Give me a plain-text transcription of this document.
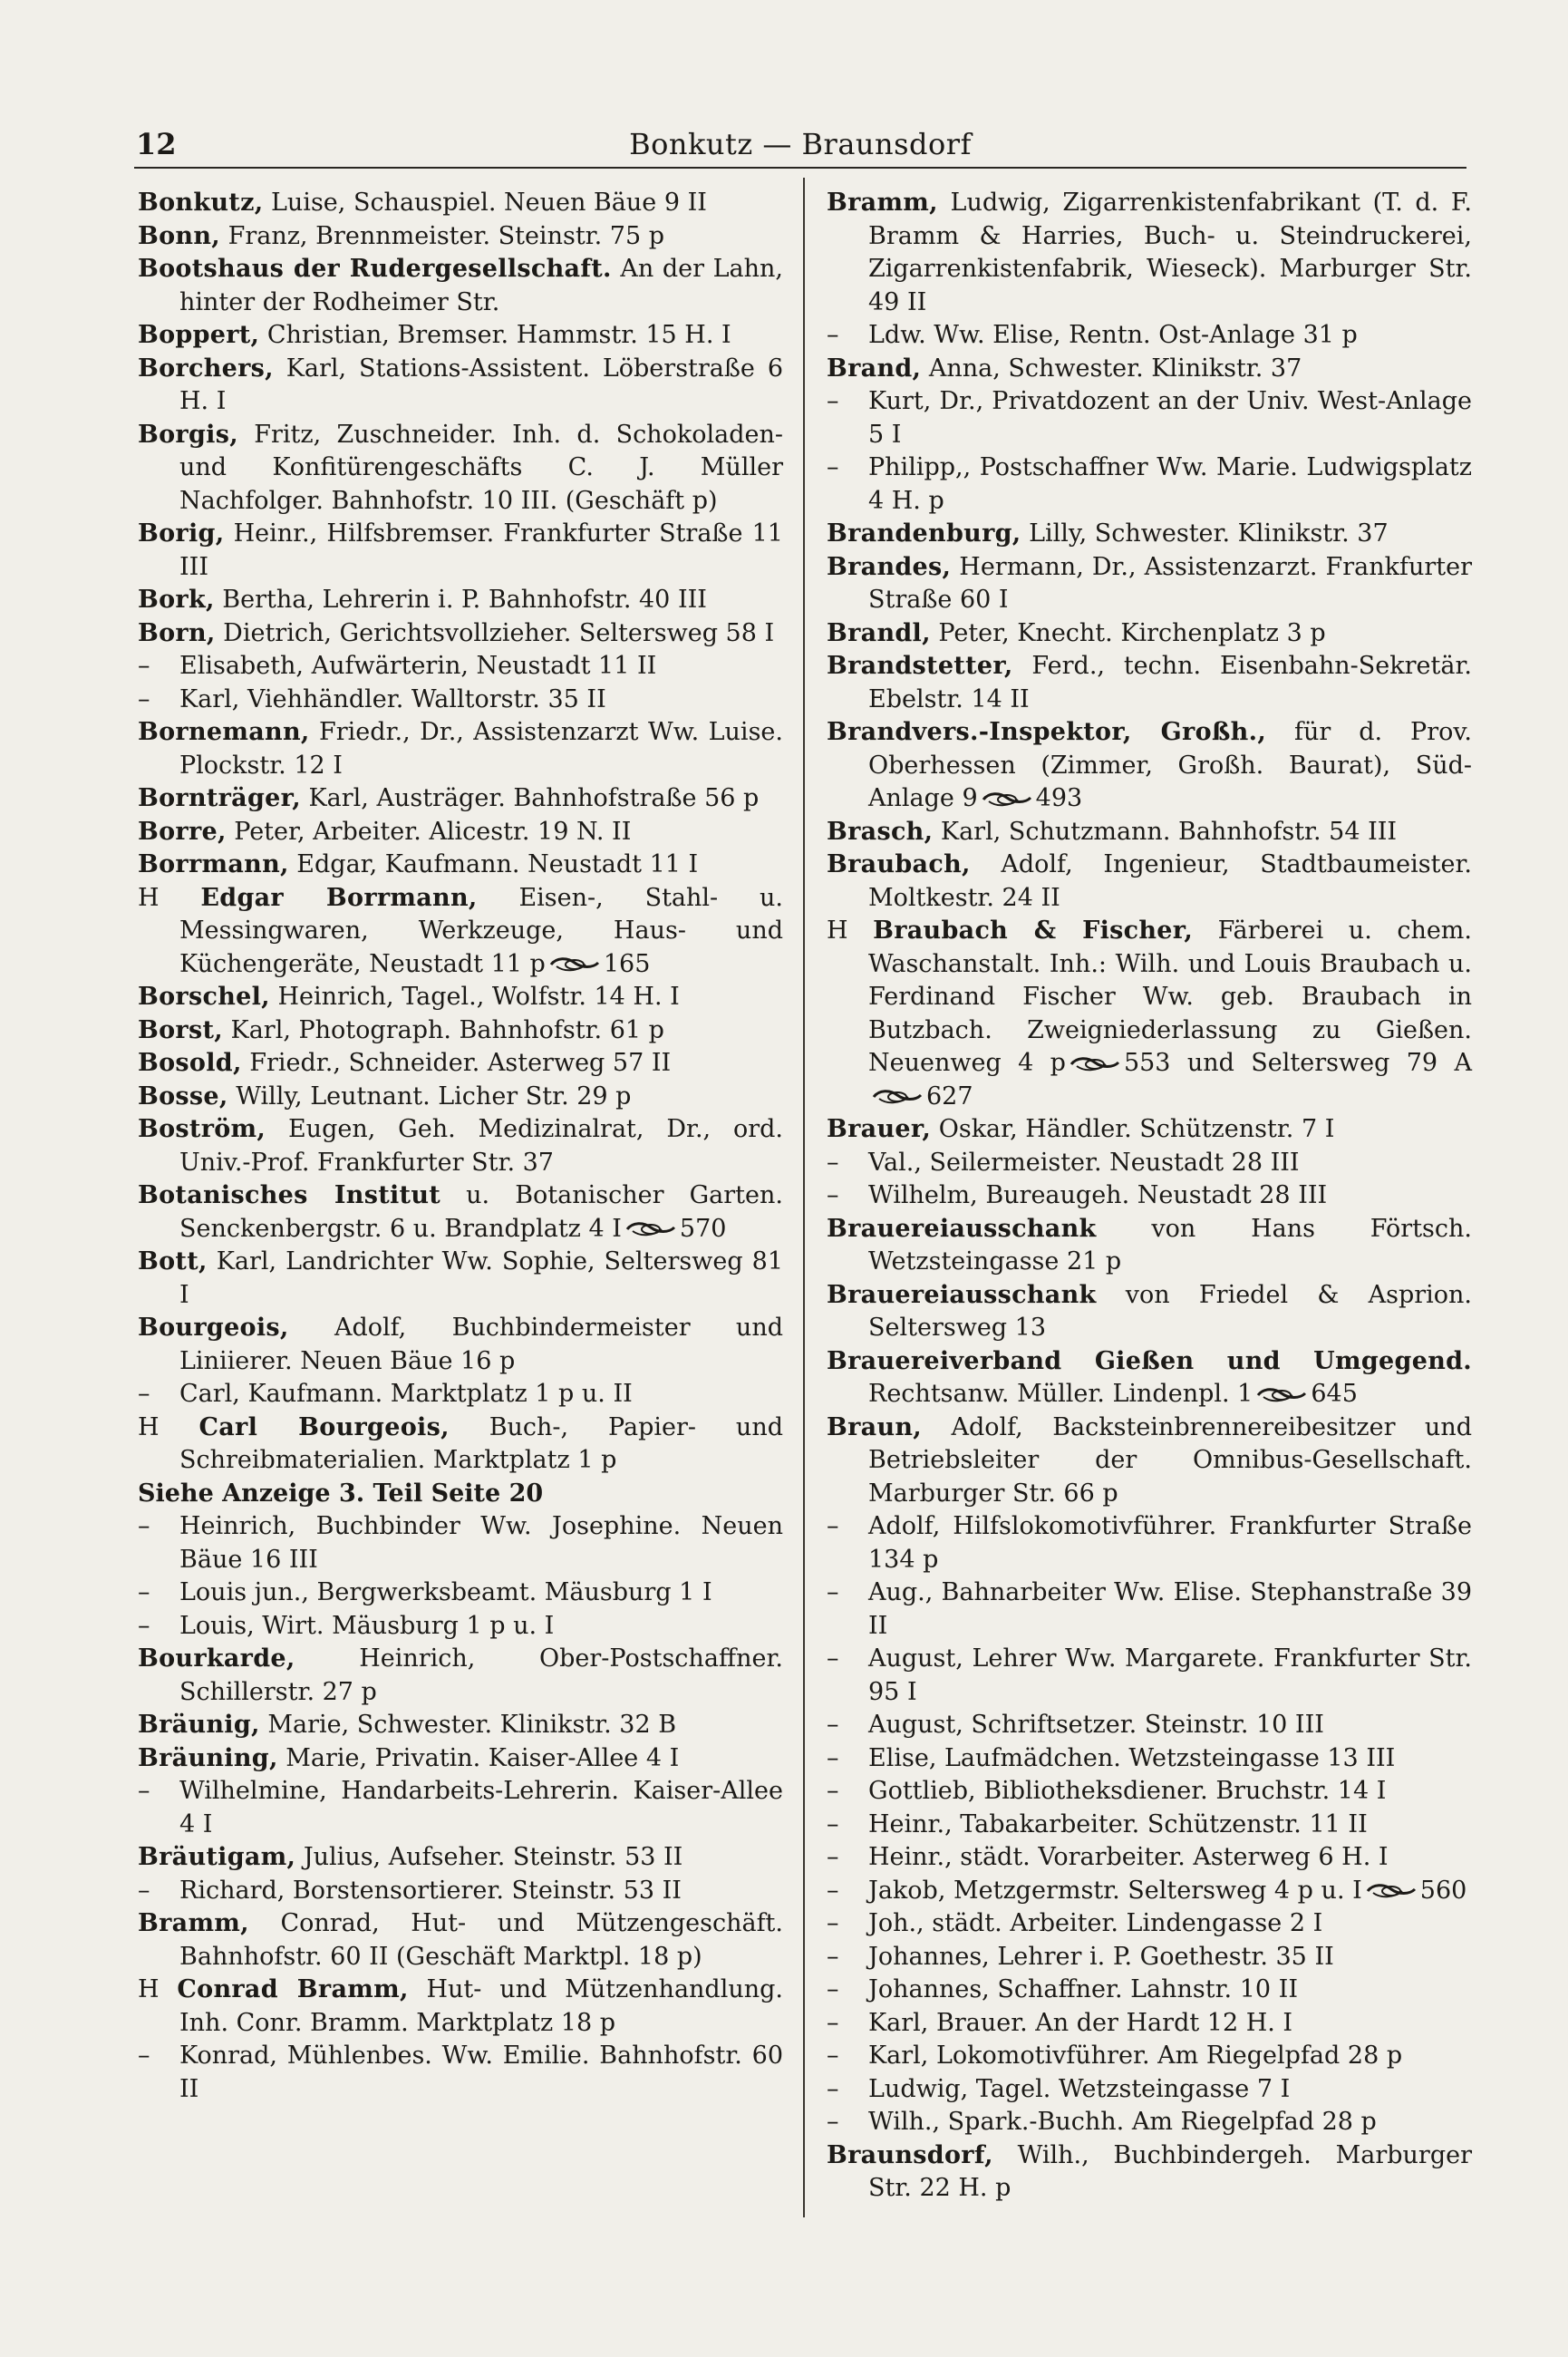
12	Bonkutz — Braunsdorf

Bonkutz, Luise, Schauspiel. Neuen Bäue 9 II

Bonn, Franz, Brennmeister. Steinstr. 75 p

Bootshaus der Rudergesellschaft. An der Lahn, hinter der Rodheimer Str.

Boppert, Christian, Bremser. Hammstr. 15 H. I

Borchers, Karl, Stations-Assistent. Löberstraße 6 H. I

Borgis, Fritz, Zuschneider. Inh. d. Schokoladen- und Konfitürengeschäfts C. J. Müller Nachfolger. Bahnhofstr. 10 III. (Geschäft p)

Borig, Heinr., Hilfsbremser. Frankfurter Straße 11 III

Bork, Bertha, Lehrerin i. P. Bahnhofstr. 40 III

Born, Dietrich, Gerichtsvollzieher. Seltersweg 58 I

– Elisabeth, Aufwärterin, Neustadt 11 II

– Karl, Viehhändler. Walltorstr. 35 II

Bornemann, Friedr., Dr., Assistenzarzt Ww. Luise. Plockstr. 12 I

Bornträger, Karl, Austräger. Bahnhofstraße 56 p

Borre, Peter, Arbeiter. Alicestr. 19 N. II

Borrmann, Edgar, Kaufmann. Neustadt 11 I

H Edgar Borrmann, Eisen-, Stahl- u. Messingwaren, Werkzeuge, Haus- und Küchengeräte, Neustadt 11 p 165

Borschel, Heinrich, Tagel., Wolfstr. 14 H. I

Borst, Karl, Photograph. Bahnhofstr. 61 p

Bosold, Friedr., Schneider. Asterweg 57 II

Bosse, Willy, Leutnant. Licher Str. 29 p

Boström, Eugen, Geh. Medizinalrat, Dr., ord. Univ.-Prof. Frankfurter Str. 37

Botanisches Institut u. Botanischer Garten. Senckenbergstr. 6 u. Brandplatz 4 I 570

Bott, Karl, Landrichter Ww. Sophie, Seltersweg 81 I

Bourgeois, Adolf, Buchbindermeister und Liniierer. Neuen Bäue 16 p

– Carl, Kaufmann. Marktplatz 1 p u. II

H Carl Bourgeois, Buch-, Papier- und Schreibmaterialien. Marktplatz 1 p
Siehe Anzeige 3. Teil Seite 20

– Heinrich, Buchbinder Ww. Josephine. Neuen Bäue 16 III

– Louis jun., Bergwerksbeamt. Mäusburg 1 I

– Louis, Wirt. Mäusburg 1 p u. I

Bourkarde, Heinrich, Ober-Postschaffner. Schillerstr. 27 p

Bräunig, Marie, Schwester. Klinikstr. 32 B

Bräuning, Marie, Privatin. Kaiser-Allee 4 I

– Wilhelmine, Handarbeits-Lehrerin. Kaiser-Allee 4 I

Bräutigam, Julius, Aufseher. Steinstr. 53 II

– Richard, Borstensortierer. Steinstr. 53 II

Bramm, Conrad, Hut- und Mützengeschäft. Bahnhofstr. 60 II (Geschäft Marktpl. 18 p)

H Conrad Bramm, Hut- und Mützenhandlung. Inh. Conr. Bramm. Marktplatz 18 p

– Konrad, Mühlenbes. Ww. Emilie. Bahnhofstr. 60 II

Bramm, Ludwig, Zigarrenkistenfabrikant (T. d. F. Bramm & Harries, Buch- u. Steindruckerei, Zigarrenkistenfabrik, Wieseck). Marburger Str. 49 II

– Ldw. Ww. Elise, Rentn. Ost-Anlage 31 p

Brand, Anna, Schwester. Klinikstr. 37

– Kurt, Dr., Privatdozent an der Univ. West-Anlage 5 I

– Philipp,, Postschaffner Ww. Marie. Ludwigsplatz 4 H. p

Brandenburg, Lilly, Schwester. Klinikstr. 37

Brandes, Hermann, Dr., Assistenzarzt. Frankfurter Straße 60 I

Brandl, Peter, Knecht. Kirchenplatz 3 p

Brandstetter, Ferd., techn. Eisenbahn-Sekretär. Ebelstr. 14 II

Brandvers.-Inspektor, Großh., für d. Prov. Oberhessen (Zimmer, Großh. Baurat), Süd-Anlage 9 493

Brasch, Karl, Schutzmann. Bahnhofstr. 54 III

Braubach, Adolf, Ingenieur, Stadtbaumeister. Moltkestr. 24 II

H Braubach & Fischer, Färberei u. chem. Waschanstalt. Inh.: Wilh. und Louis Braubach u. Ferdinand Fischer Ww. geb. Braubach in Butzbach. Zweigniederlassung zu Gießen. Neuenweg 4 p 553 und Seltersweg 79 A
627

Brauer, Oskar, Händler. Schützenstr. 7 I

– Val., Seilermeister. Neustadt 28 III

– Wilhelm, Bureaugeh. Neustadt 28 III

Brauereiausschank von Hans Förtsch. Wetzsteingasse 21 p

Brauereiausschank von Friedel & Asprion. Seltersweg 13

Brauereiverband Gießen und Umgegend. Rechtsanw. Müller. Lindenpl. 1 645

Braun, Adolf, Backsteinbrennereibesitzer und Betriebsleiter der Omnibus-Gesellschaft. Marburger Str. 66 p

– Adolf, Hilfslokomotivführer. Frankfurter Straße 134 p

– Aug., Bahnarbeiter Ww. Elise. Stephanstraße 39 II

– August, Lehrer Ww. Margarete. Frankfurter Str. 95 I

– August, Schriftsetzer. Steinstr. 10 III

– Elise, Laufmädchen. Wetzsteingasse 13 III

– Gottlieb, Bibliotheksdiener. Bruchstr. 14 I

– Heinr., Tabakarbeiter. Schützenstr. 11 II

– Heinr., städt. Vorarbeiter. Asterweg 6 H. I

– Jakob, Metzgermstr. Seltersweg 4 p u. I 560

– Joh., städt. Arbeiter. Lindengasse 2 I

– Johannes, Lehrer i. P. Goethestr. 35 II

– Johannes, Schaffner. Lahnstr. 10 II

– Karl, Brauer. An der Hardt 12 H. I

– Karl, Lokomotivführer. Am Riegelpfad 28 p

– Ludwig, Tagel. Wetzsteingasse 7 I

– Wilh., Spark.-Buchh. Am Riegelpfad 28 p

Braunsdorf, Wilh., Buchbindergeh. Marburger Str. 22 H. p
